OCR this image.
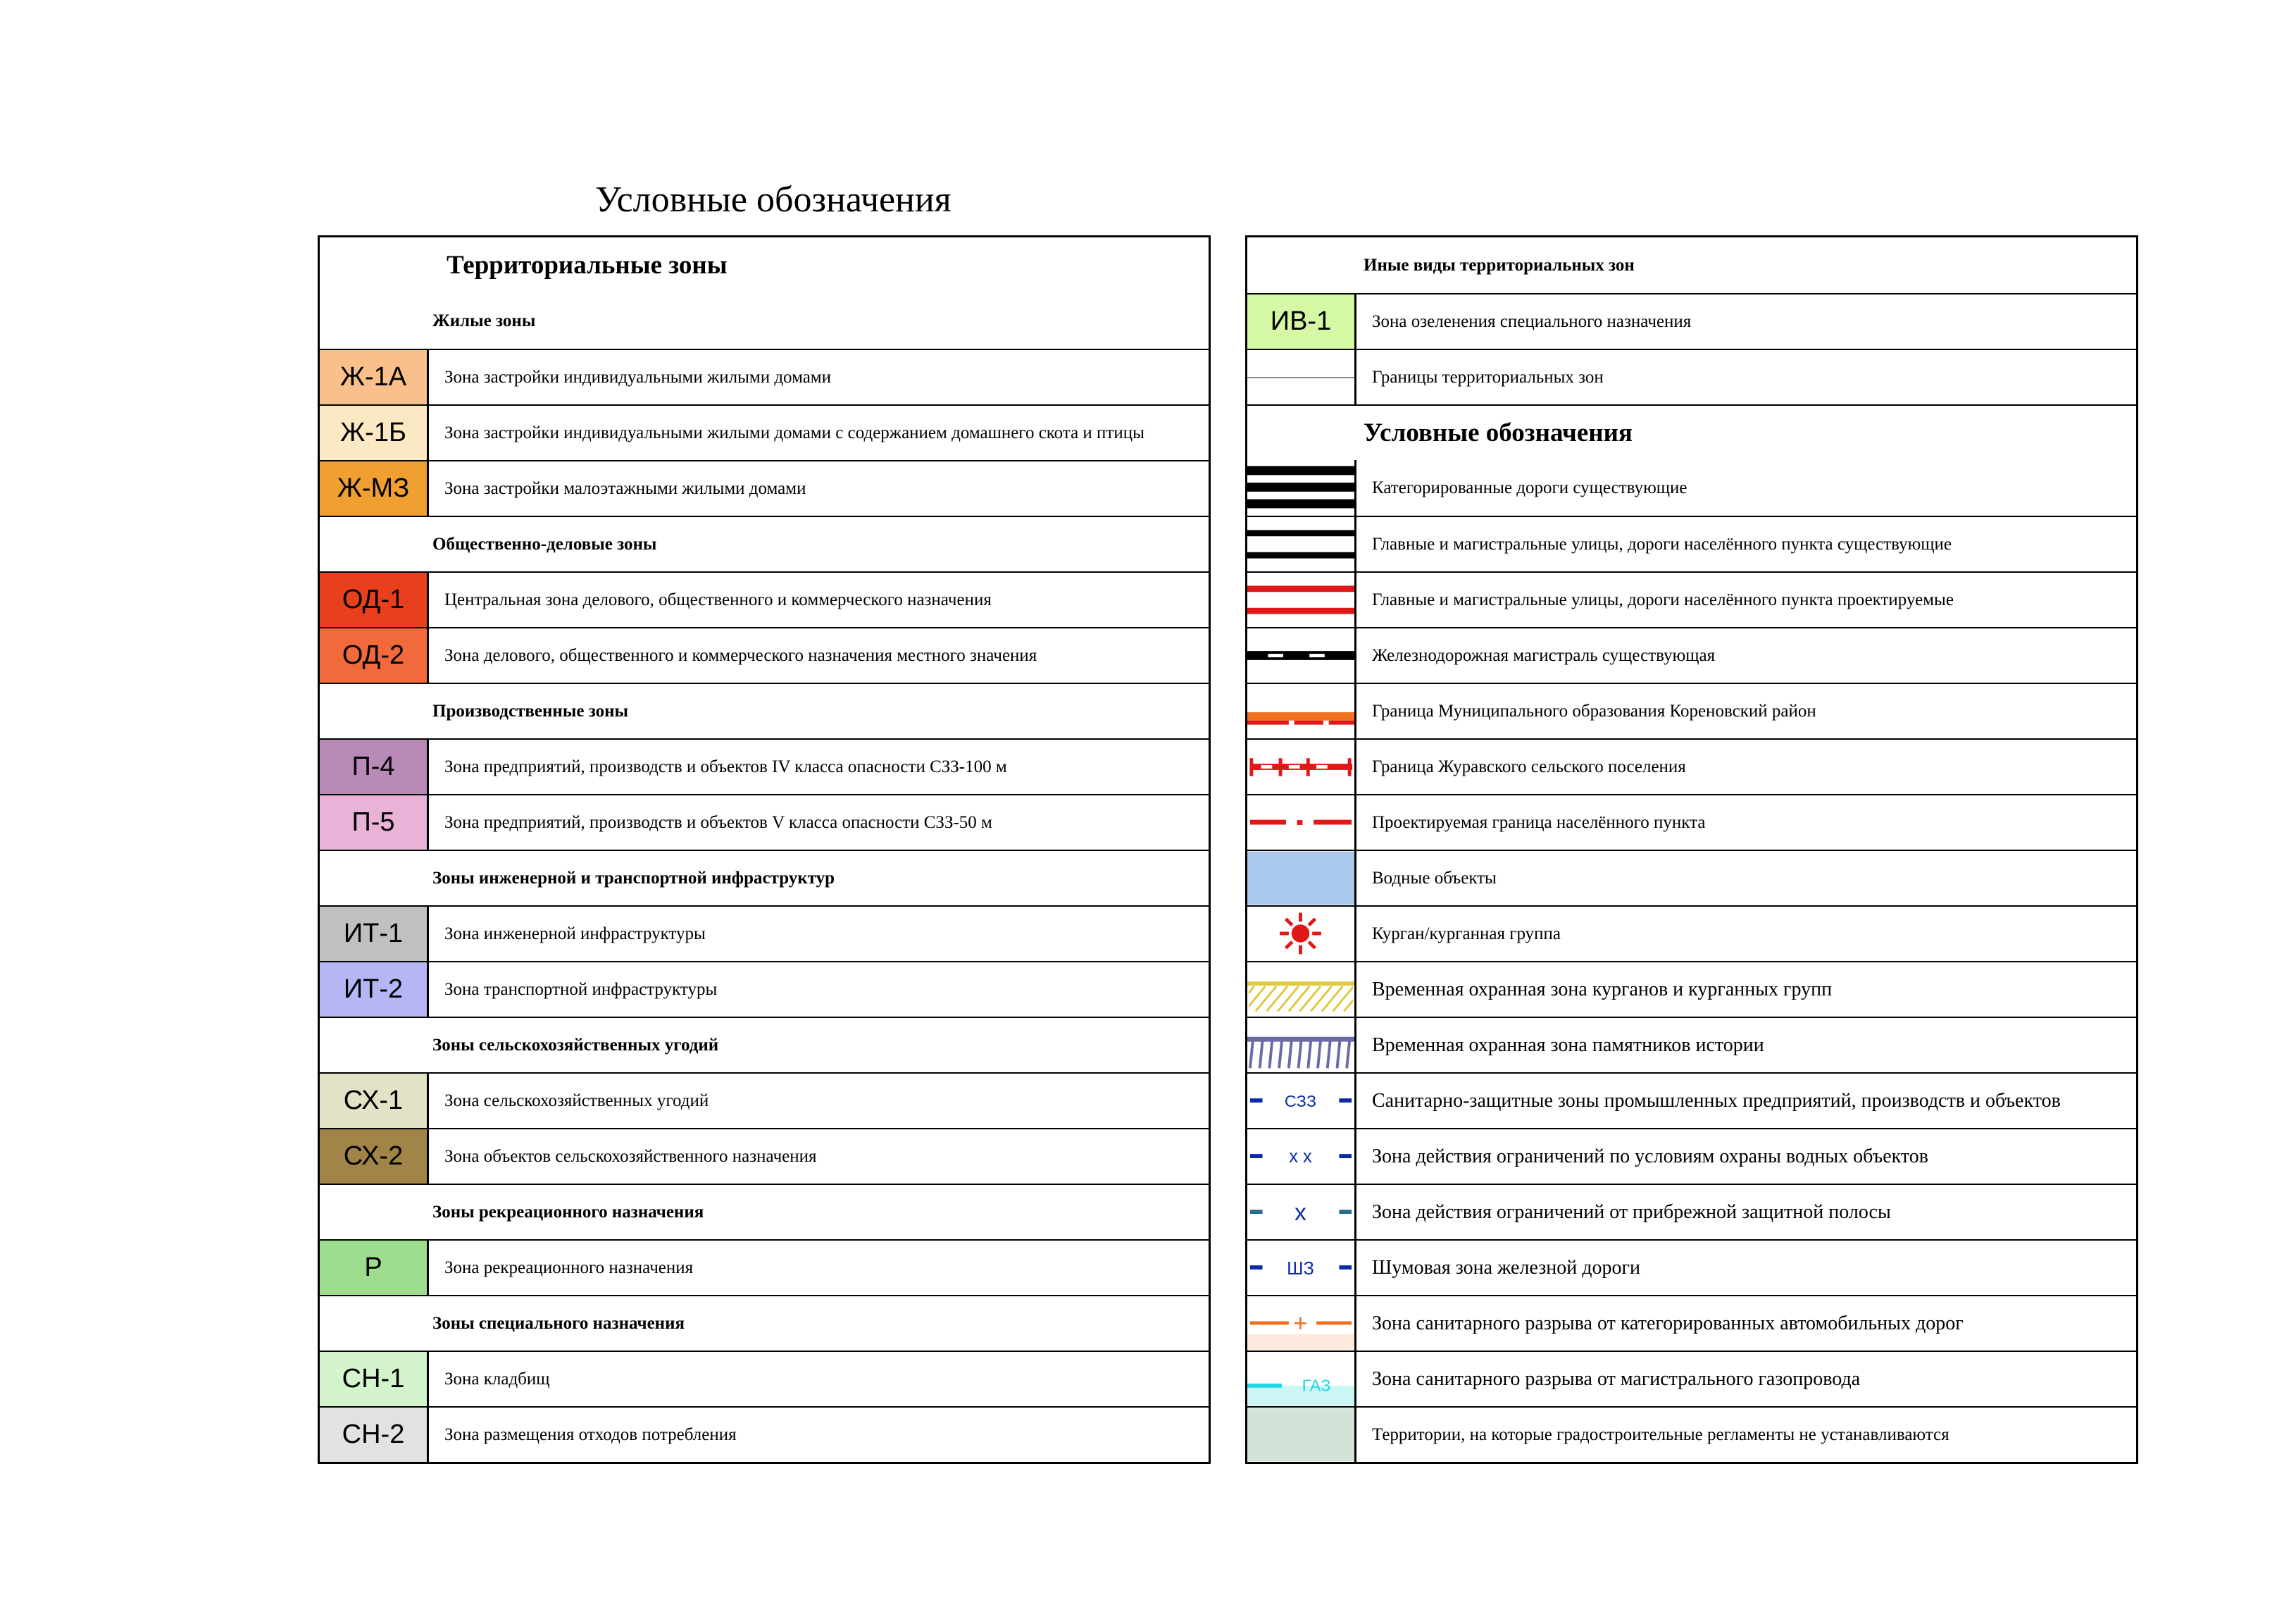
Условные обозначения
Территориальные зоны
Жилые зоны
Ж-1А	Зона застройки индивидуальными жилыми домами
Ж-1Б	Зона застройки индивидуальными жилыми домами с содержанием домашнего скота и птицы
Ж-МЗ	Зона застройки малоэтажными жилыми домами
Общественно-деловые зоны
ОД-1	Центральная зона делового, общественного и коммерческого назначения
ОД-2	Зона делового, общественного и коммерческого назначения местного значения
Производственные зоны
П-4	Зона предприятий, производств и объектов IV класса опасности СЗЗ-100 м
П-5	Зона предприятий, производств и объектов V класса опасности СЗЗ-50 м
Зоны инженерной и транспортной инфраструктур
ИТ-1	Зона инженерной инфраструктуры
ИТ-2	Зона транспортной инфраструктуры
Зоны сельскохозяйственных угодий
СХ-1	Зона сельскохозяйственных угодий
СХ-2	Зона объектов сельскохозяйственного назначения
Зоны рекреационного назначения
Р	Зона рекреационного назначения
Зоны специального назначения
СН-1	Зона кладбищ
СН-2	Зона размещения отходов потребления
Иные виды территориальных зон
ИВ-1	Зона озеленения специального назначения
Границы территориальных зон
Условные обозначения
Категорированные дороги существующие
Главные и магистральные улицы, дороги населённого пункта существующие
Главные и магистральные улицы, дороги населённого пункта проектируемые
Железнодорожная магистраль существующая
Граница Муниципального образования Кореновский район
Граница Журавского сельского поселения
Проектируемая граница населённого пункта
Водные объекты
Курган/курганная группа
Временная охранная зона курганов и курганных групп
Временная охранная зона памятников истории
СЗЗ	Санитарно-защитные зоны промышленных предприятий, производств и объектов
х х	Зона действия ограничений по условиям охраны водных объектов
х	Зона действия ограничений от прибрежной защитной полосы
ШЗ	Шумовая зона железной дороги
+	Зона санитарного разрыва от категорированных автомобильных дорог
ГАЗ	Зона санитарного разрыва от магистрального газопровода
Территории, на которые градостроительные регламенты не устанавливаются
